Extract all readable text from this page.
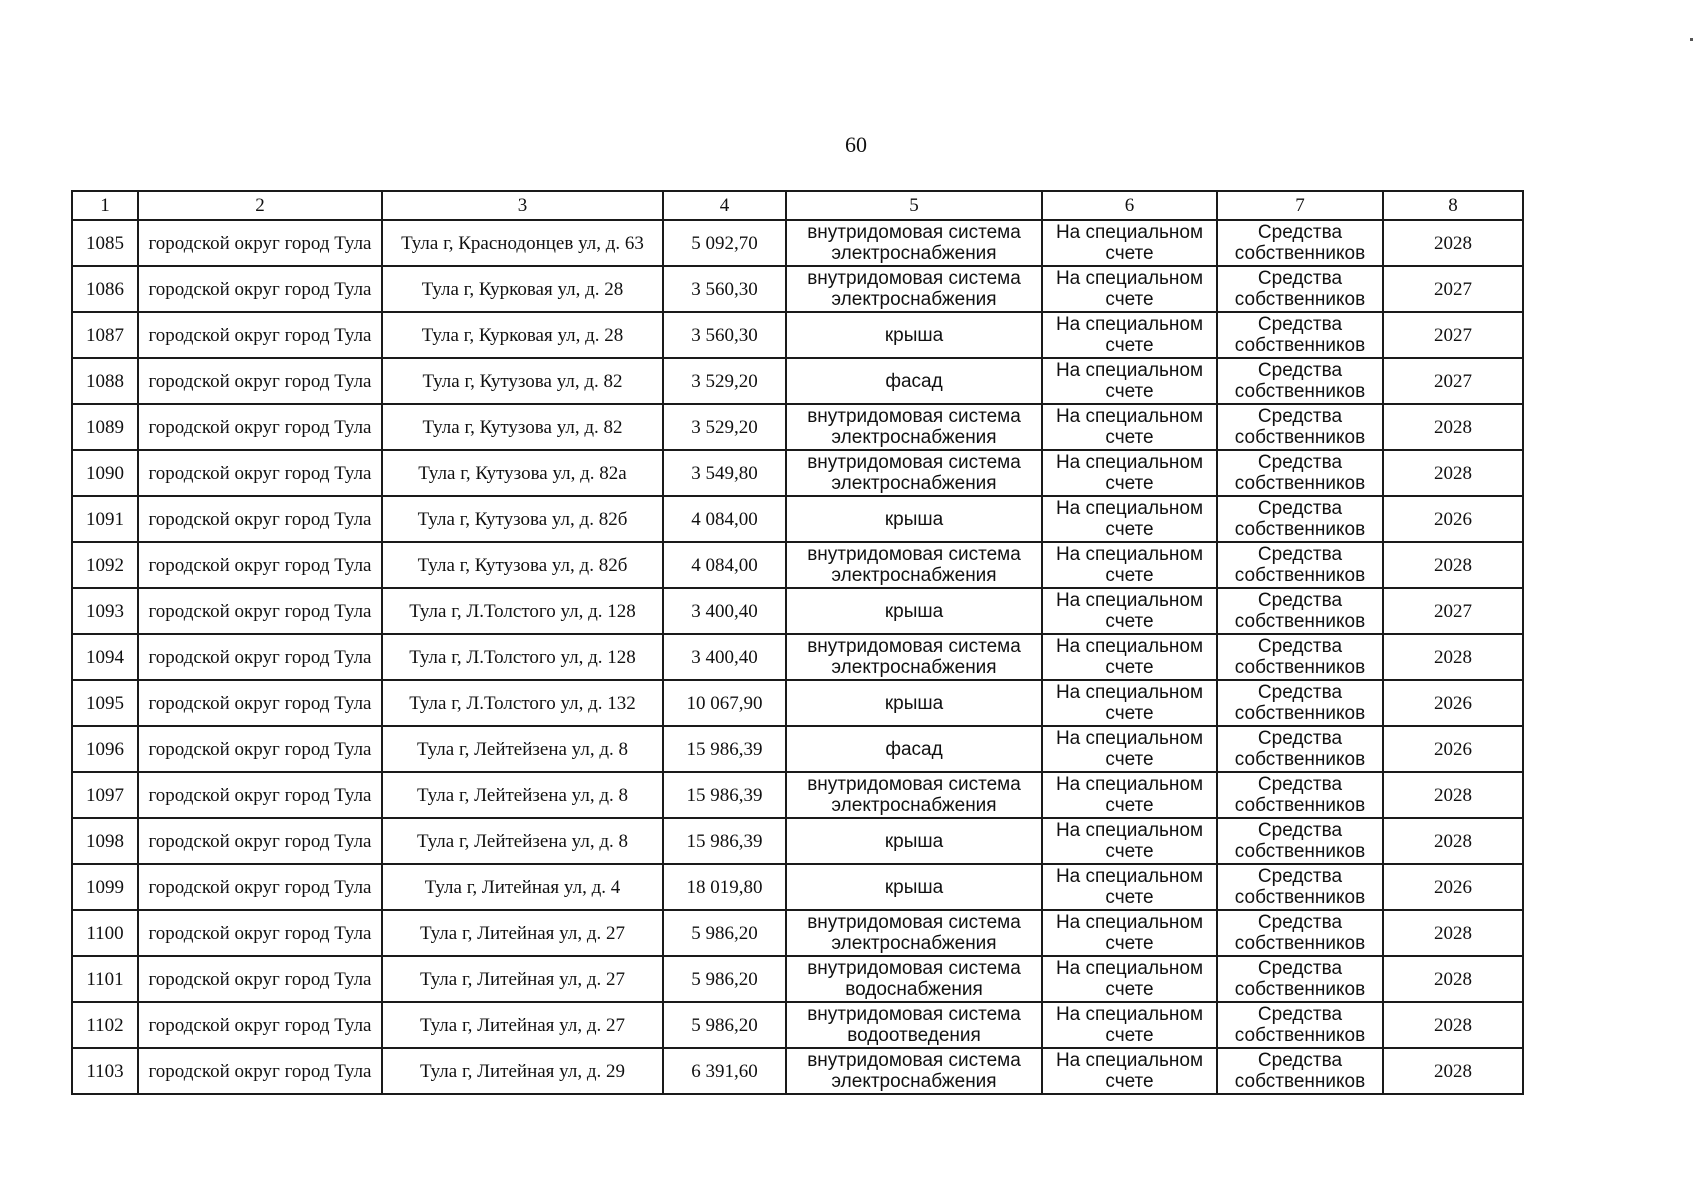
60
1	2	3	4	5	6	7	8
1085	городской округ город Тула	Тула г, Краснодонцев ул, д. 63	5 092,70	внутридомовая система электроснабжения	На специальном счете	Средства собственников	2028
1086	городской округ город Тула	Тула г, Курковая ул, д. 28	3 560,30	внутридомовая система электроснабжения	На специальном счете	Средства собственников	2027
1087	городской округ город Тула	Тула г, Курковая ул, д. 28	3 560,30	крыша	На специальном счете	Средства собственников	2027
1088	городской округ город Тула	Тула г, Кутузова ул, д. 82	3 529,20	фасад	На специальном счете	Средства собственников	2027
1089	городской округ город Тула	Тула г, Кутузова ул, д. 82	3 529,20	внутридомовая система электроснабжения	На специальном счете	Средства собственников	2028
1090	городской округ город Тула	Тула г, Кутузова ул, д. 82а	3 549,80	внутридомовая система электроснабжения	На специальном счете	Средства собственников	2028
1091	городской округ город Тула	Тула г, Кутузова ул, д. 82б	4 084,00	крыша	На специальном счете	Средства собственников	2026
1092	городской округ город Тула	Тула г, Кутузова ул, д. 82б	4 084,00	внутридомовая система электроснабжения	На специальном счете	Средства собственников	2028
1093	городской округ город Тула	Тула г, Л.Толстого ул, д. 128	3 400,40	крыша	На специальном счете	Средства собственников	2027
1094	городской округ город Тула	Тула г, Л.Толстого ул, д. 128	3 400,40	внутридомовая система электроснабжения	На специальном счете	Средства собственников	2028
1095	городской округ город Тула	Тула г, Л.Толстого ул, д. 132	10 067,90	крыша	На специальном счете	Средства собственников	2026
1096	городской округ город Тула	Тула г, Лейтейзена ул, д. 8	15 986,39	фасад	На специальном счете	Средства собственников	2026
1097	городской округ город Тула	Тула г, Лейтейзена ул, д. 8	15 986,39	внутридомовая система электроснабжения	На специальном счете	Средства собственников	2028
1098	городской округ город Тула	Тула г, Лейтейзена ул, д. 8	15 986,39	крыша	На специальном счете	Средства собственников	2028
1099	городской округ город Тула	Тула г, Литейная ул, д. 4	18 019,80	крыша	На специальном счете	Средства собственников	2026
1100	городской округ город Тула	Тула г, Литейная ул, д. 27	5 986,20	внутридомовая система электроснабжения	На специальном счете	Средства собственников	2028
1101	городской округ город Тула	Тула г, Литейная ул, д. 27	5 986,20	внутридомовая система водоснабжения	На специальном счете	Средства собственников	2028
1102	городской округ город Тула	Тула г, Литейная ул, д. 27	5 986,20	внутридомовая система водоотведения	На специальном счете	Средства собственников	2028
1103	городской округ город Тула	Тула г, Литейная ул, д. 29	6 391,60	внутридомовая система электроснабжения	На специальном счете	Средства собственников	2028
